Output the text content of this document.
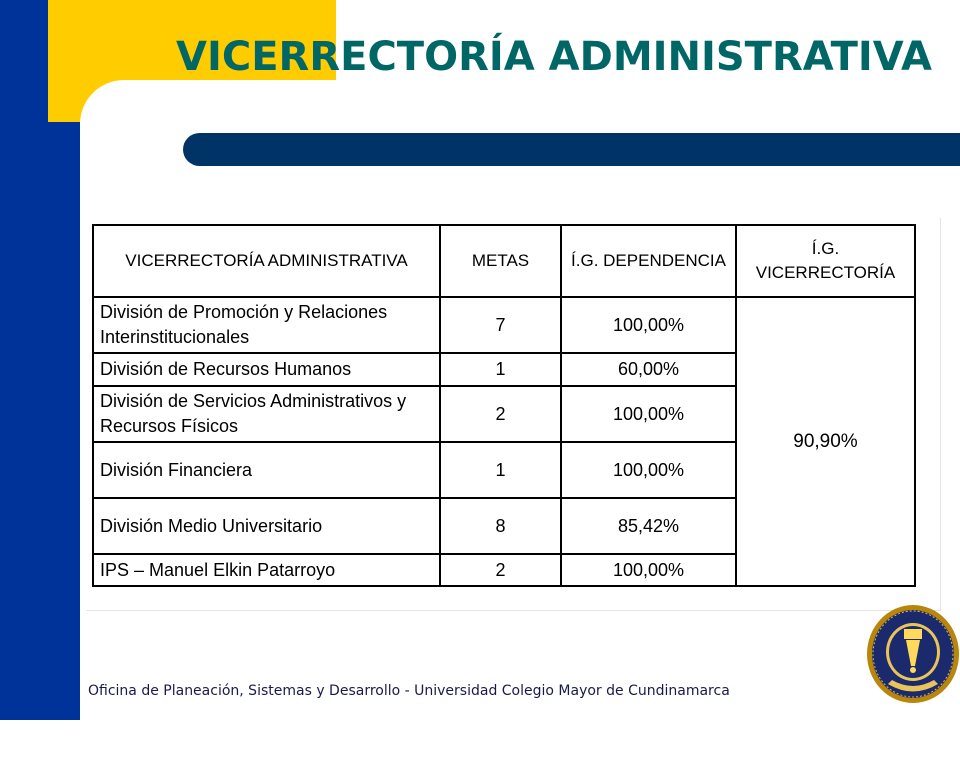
VICERRECTORÍA ADMINISTRATIVA
VICERRECTORÍA ADMINISTRATIVA	METAS	Í.G. DEPENDENCIA	Í.G.
VICERRECTORÍA
División de Promoción y Relaciones
Interinstitucionales	7	100,00%	90,90%
División de Recursos Humanos	1	60,00%	
División de Servicios Administrativos y
Recursos Físicos	2	100,00%	
División Financiera	1	100,00%	
División Medio Universitario	8	85,42%	
IPS – Manuel Elkin Patarroyo	2	100,00%	

Oficina de Planeación, Sistemas y Desarrollo - Universidad Colegio Mayor de Cundinamarca
